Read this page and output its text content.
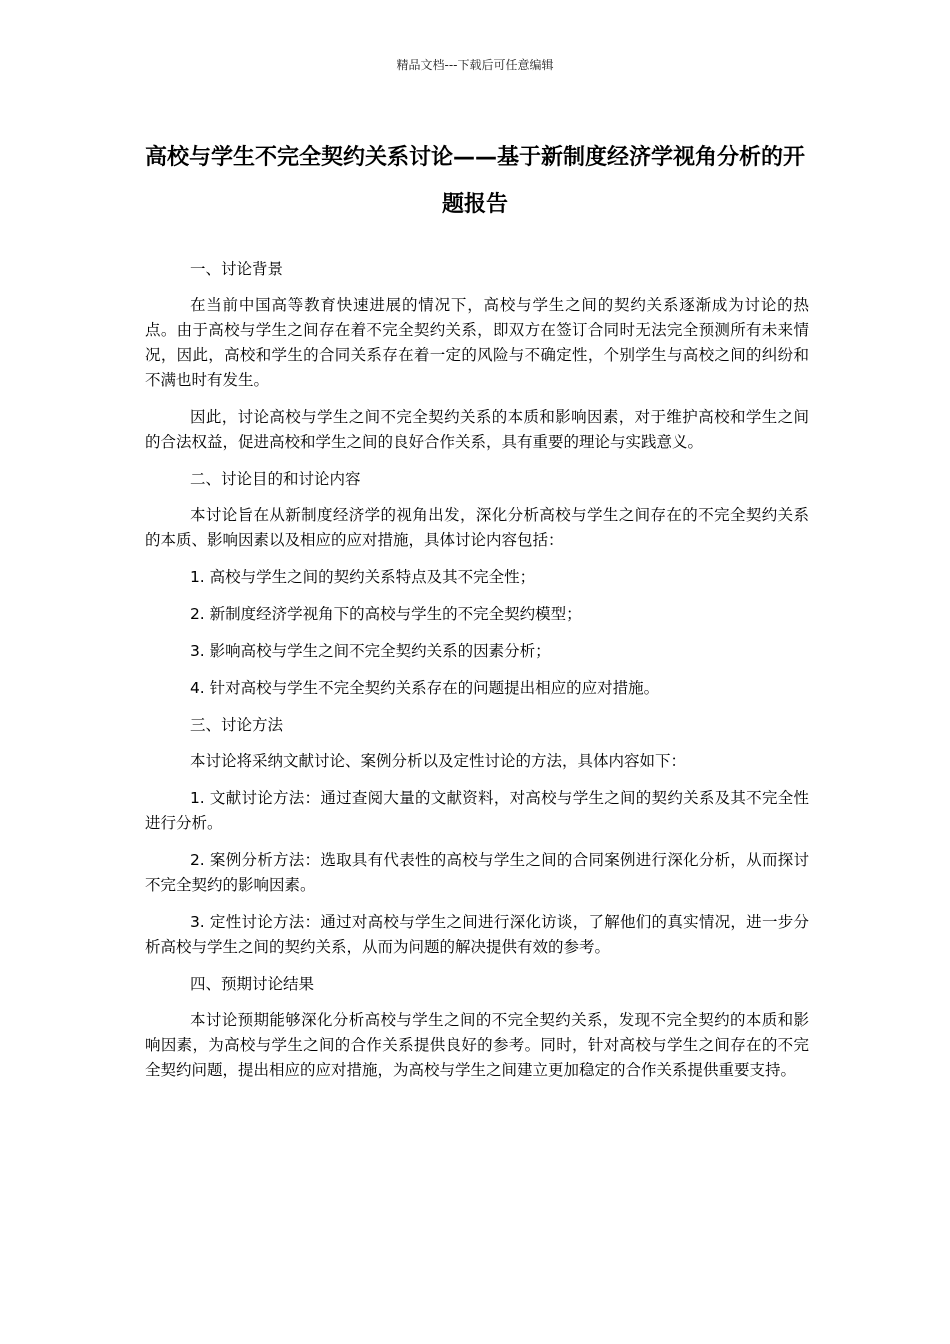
精品文档---下载后可任意编辑
高校与学生不完全契约关系讨论——基于新制度经济学视角分析的开题报告

一、讨论背景

在当前中国高等教育快速进展的情况下，高校与学生之间的契约关系逐渐成为讨论的热点。由于高校与学生之间存在着不完全契约关系，即双方在签订合同时无法完全预测所有未来情况，因此，高校和学生的合同关系存在着一定的风险与不确定性，个别学生与高校之间的纠纷和不满也时有发生。

因此，讨论高校与学生之间不完全契约关系的本质和影响因素，对于维护高校和学生之间的合法权益，促进高校和学生之间的良好合作关系，具有重要的理论与实践意义。

二、讨论目的和讨论内容

本讨论旨在从新制度经济学的视角出发，深化分析高校与学生之间存在的不完全契约关系的本质、影响因素以及相应的应对措施，具体讨论内容包括：

1. 高校与学生之间的契约关系特点及其不完全性；

2. 新制度经济学视角下的高校与学生的不完全契约模型；

3. 影响高校与学生之间不完全契约关系的因素分析；

4. 针对高校与学生不完全契约关系存在的问题提出相应的应对措施。

三、讨论方法

本讨论将采纳文献讨论、案例分析以及定性讨论的方法，具体内容如下：

1. 文献讨论方法：通过查阅大量的文献资料，对高校与学生之间的契约关系及其不完全性进行分析。

2. 案例分析方法：选取具有代表性的高校与学生之间的合同案例进行深化分析，从而探讨不完全契约的影响因素。

3. 定性讨论方法：通过对高校与学生之间进行深化访谈，了解他们的真实情况，进一步分析高校与学生之间的契约关系，从而为问题的解决提供有效的参考。

四、预期讨论结果

本讨论预期能够深化分析高校与学生之间的不完全契约关系，发现不完全契约的本质和影响因素，为高校与学生之间的合作关系提供良好的参考。同时，针对高校与学生之间存在的不完全契约问题，提出相应的应对措施，为高校与学生之间建立更加稳定的合作关系提供重要支持。
